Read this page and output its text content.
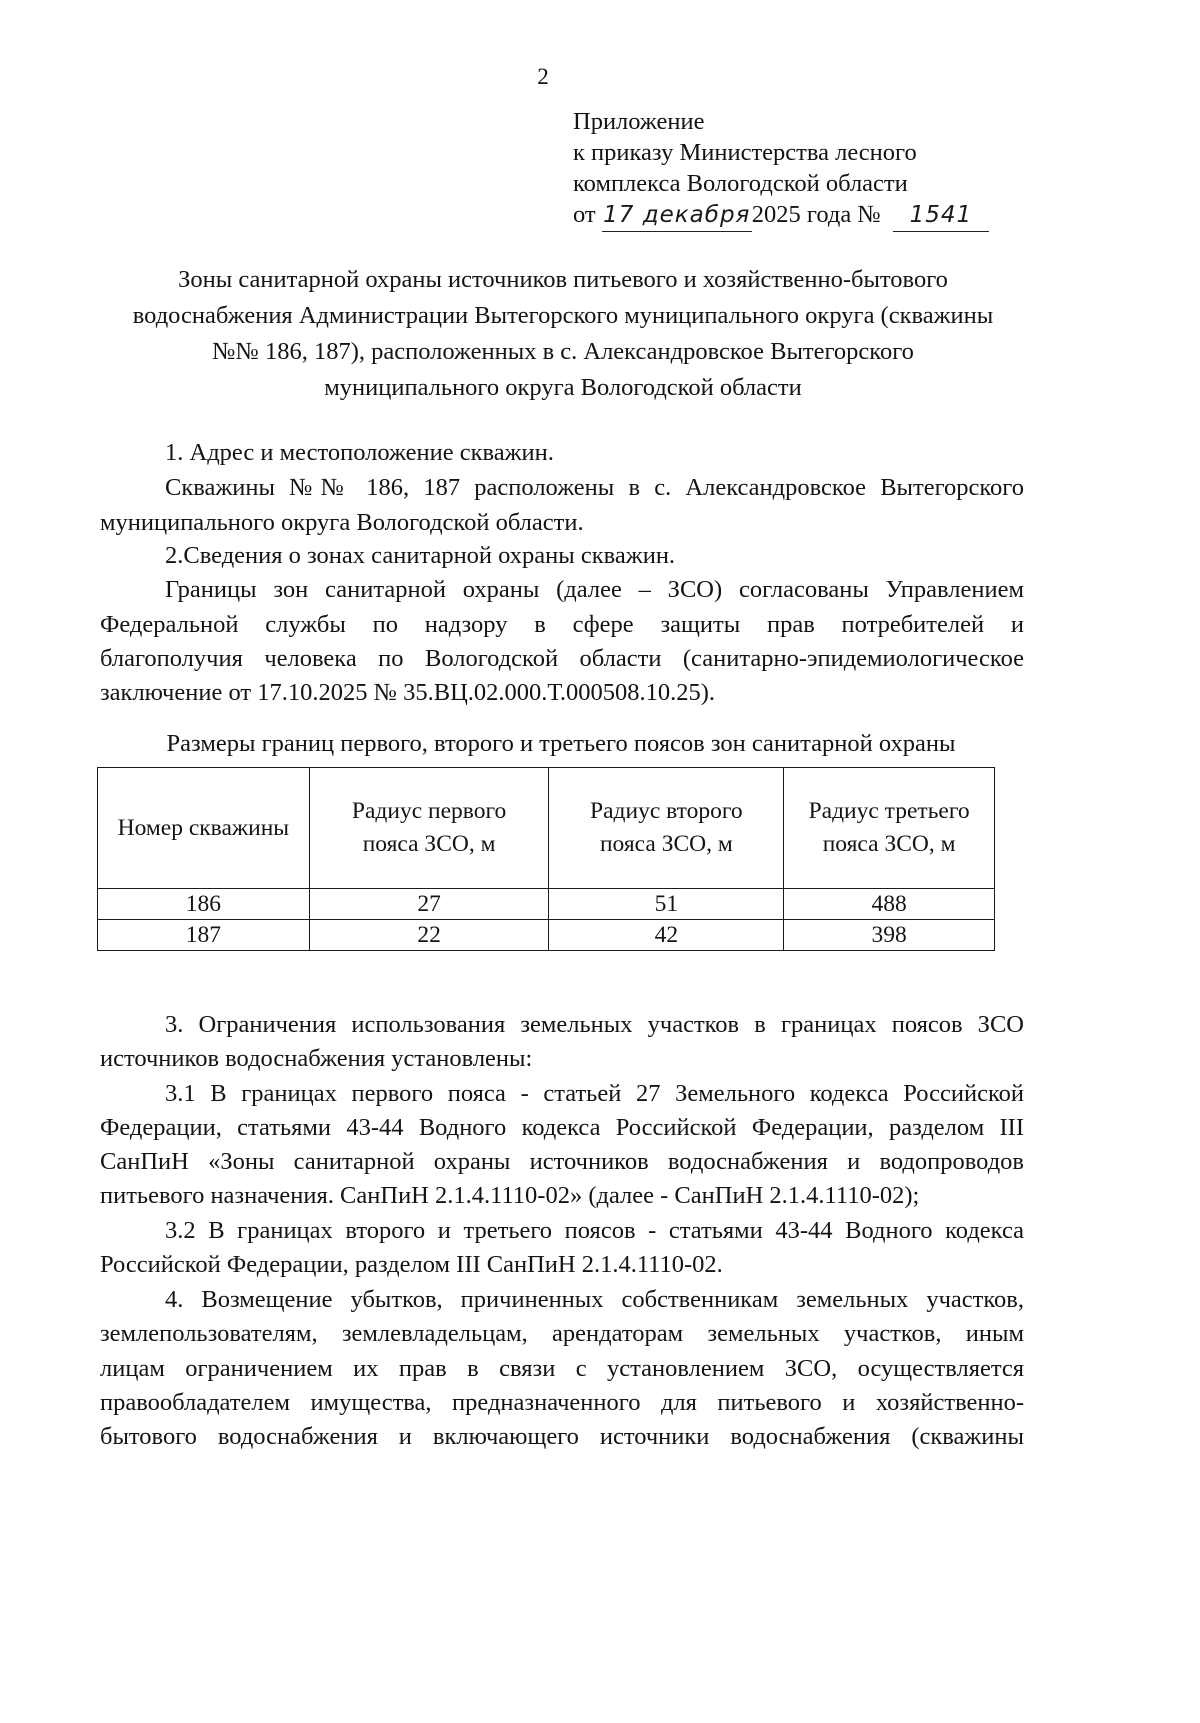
2
Приложение
к приказу Министерства лесного
комплекса Вологодской области
от 17 декабря2025 года № 1541
Зоны санитарной охраны источников питьевого и хозяйственно-бытового
водоснабжения Администрации Вытегорского муниципального округа (скважины
№№ 186, 187), расположенных в с. Александровское Вытегорского
муниципального округа Вологодской области
1. Адрес и местоположение скважин.
Скважины №№ 186, 187 расположены в с. Александровское Вытегорского
муниципального округа Вологодской области.
2.Сведения о зонах санитарной охраны скважин.
Границы зон санитарной охраны (далее – ЗСО) согласованы Управлением
Федеральной службы по надзору в сфере защиты прав потребителей и
благополучия человека по Вологодской области (санитарно-эпидемиологическое
заключение от 17.10.2025 № 35.ВЦ.02.000.Т.000508.10.25).
Размеры границ первого, второго и третьего поясов зон санитарной охраны
Номер скважины	Радиус первого пояса ЗСО, м	Радиус второго пояса ЗСО, м	Радиус третьего пояса ЗСО, м
186	27	51	488
187	22	42	398
3. Ограничения использования земельных участков в границах поясов ЗСО
источников водоснабжения установлены:
3.1 В границах первого пояса - статьей 27 Земельного кодекса Российской
Федерации, статьями 43-44 Водного кодекса Российской Федерации, разделом III
СанПиН «Зоны санитарной охраны источников водоснабжения и водопроводов
питьевого назначения. СанПиН 2.1.4.1110-02» (далее - СанПиН 2.1.4.1110-02);
3.2 В границах второго и третьего поясов - статьями 43-44 Водного кодекса
Российской Федерации, разделом III СанПиН 2.1.4.1110-02.
4. Возмещение убытков, причиненных собственникам земельных участков,
землепользователям, землевладельцам, арендаторам земельных участков, иным
лицам ограничением их прав в связи с установлением ЗСО, осуществляется
правообладателем имущества, предназначенного для питьевого и хозяйственно-
бытового водоснабжения и включающего источники водоснабжения (скважины
